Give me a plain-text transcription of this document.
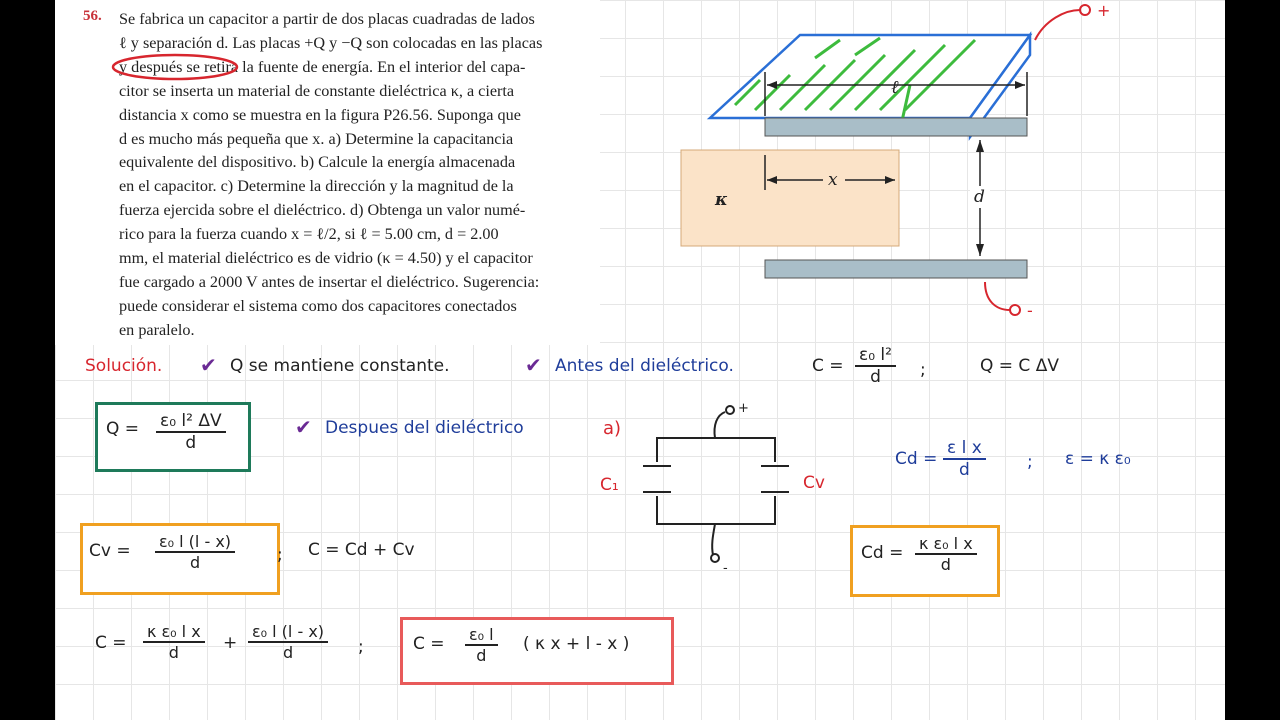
56. Se fabrica un capacitor a partir de dos placas cuadradas de lados
ℓ y separación d. Las placas +Q y −Q son colocadas en las placas
y después se retira la fuente de energía. En el interior del capa-
citor se inserta un material de constante dieléctrica κ, a cierta
distancia x como se muestra en la figura P26.56. Suponga que
d es mucho más pequeña que x. a) Determine la capacitancia
equivalente del dispositivo. b) Calcule la energía almacenada
en el capacitor. c) Determine la dirección y la magnitud de la
fuerza ejercida sobre el dieléctrico. d) Obtenga un valor numé-
rico para la fuerza cuando x = ℓ/2, si ℓ = 5.00 cm, d = 2.00
mm, el material dieléctrico es de vidrio (κ = 4.50) y el capacitor
fue cargado a 2000 V antes de insertar el dieléctrico. Sugerencia:
puede considerar el sistema como dos capacitores conectados
en paralelo.
ℓ
x
κ	d
+
-
Solución. ✔ Q se mantiene constante.	✔ Antes del dieléctrico.	$C = \frac{\text{ε₀ l²}}{d}$ ;	Q = C ΔV
$Q = \frac{\text{ε₀ l² ΔV}}{d}$	✔ Despues del dieléctrico	a)
+
-
C₁	Cv
$Cd = \frac{\text{ε l x}}{d}$ ; ε = κ ε₀
$Cv = \frac{\text{ε₀ l (l - x)}}{d}$ ; C = Cd + Cv	$Cd = \frac{\text{κ ε₀ l x}}{d}$
$C = \frac{\text{κ ε₀ l x}}{d} + \frac{\text{ε₀ l (l - x)}}{d}$ ;	$C = \frac{\text{ε₀ l}}{d}$ ( κ x + l - x )
